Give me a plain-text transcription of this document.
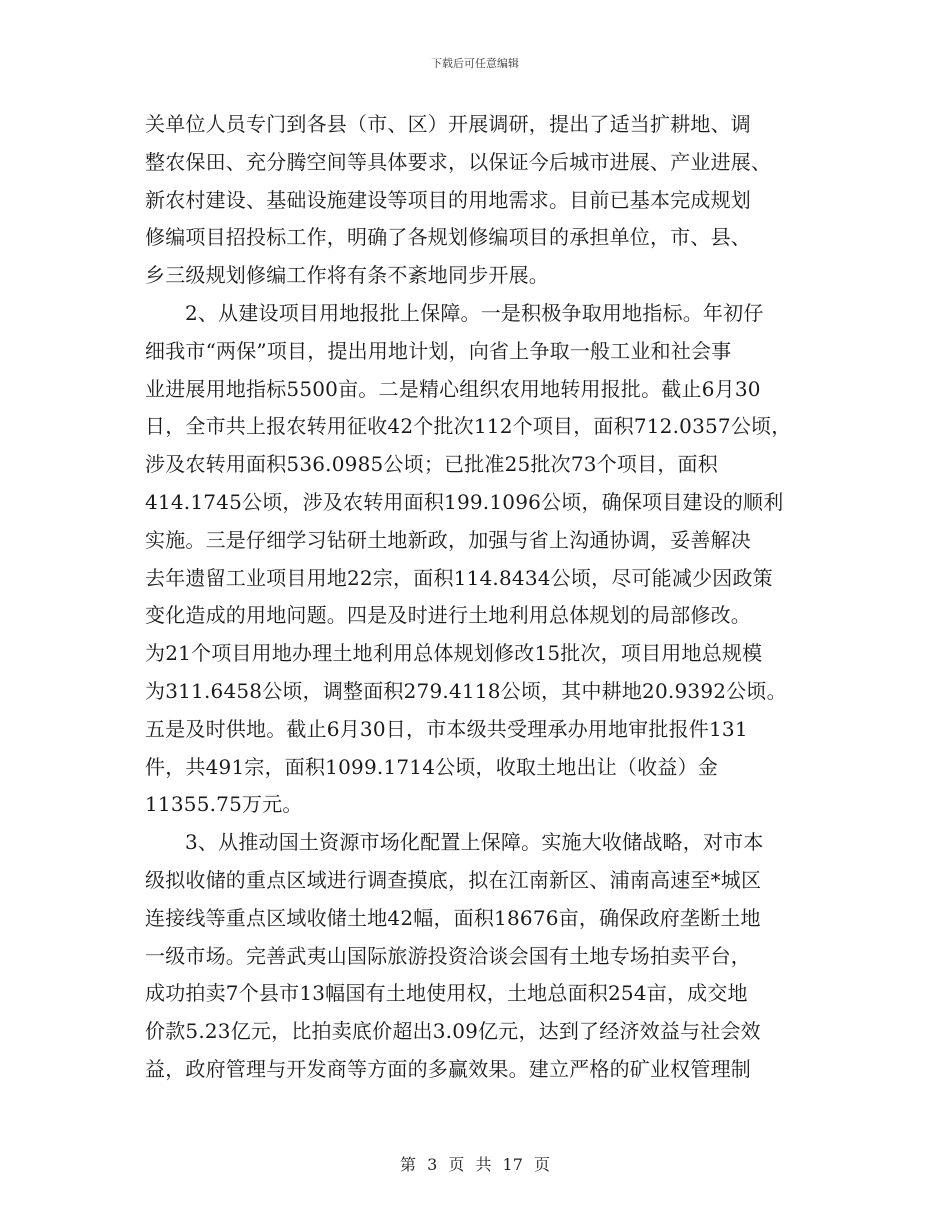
下载后可任意编辑
关单位人员专门到各县（市、区）开展调研，提出了适当扩耕地、调
整农保田、充分腾空间等具体要求，以保证今后城市进展、产业进展、
新农村建设、基础设施建设等项目的用地需求。目前已基本完成规划
修编项目招投标工作，明确了各规划修编项目的承担单位，市、县、
乡三级规划修编工作将有条不紊地同步开展。
2、从建设项目用地报批上保障。一是积极争取用地指标。年初仔
细我市“两保”项目，提出用地计划，向省上争取一般工业和社会事
业进展用地指标5500亩。二是精心组织农用地转用报批。截止6月30
日，全市共上报农转用征收42个批次112个项目，面积712.0357公顷，
涉及农转用面积536.0985公顷；已批准25批次73个项目，面积
414.1745公顷，涉及农转用面积199.1096公顷，确保项目建设的顺利
实施。三是仔细学习钻研土地新政，加强与省上沟通协调，妥善解决
去年遗留工业项目用地22宗，面积114.8434公顷，尽可能减少因政策
变化造成的用地问题。四是及时进行土地利用总体规划的局部修改。
为21个项目用地办理土地利用总体规划修改15批次，项目用地总规模
为311.6458公顷，调整面积279.4118公顷，其中耕地20.9392公顷。
五是及时供地。截止6月30日，市本级共受理承办用地审批报件131
件，共491宗，面积1099.1714公顷，收取土地出让（收益）金
11355.75万元。
3、从推动国土资源市场化配置上保障。实施大收储战略，对市本
级拟收储的重点区域进行调查摸底，拟在江南新区、浦南高速至*城区
连接线等重点区域收储土地42幅，面积18676亩，确保政府垄断土地
一级市场。完善武夷山国际旅游投资洽谈会国有土地专场拍卖平台，
成功拍卖7个县市13幅国有土地使用权，土地总面积254亩，成交地
价款5.23亿元，比拍卖底价超出3.09亿元，达到了经济效益与社会效
益，政府管理与开发商等方面的多赢效果。建立严格的矿业权管理制
第 3 页 共 17 页
